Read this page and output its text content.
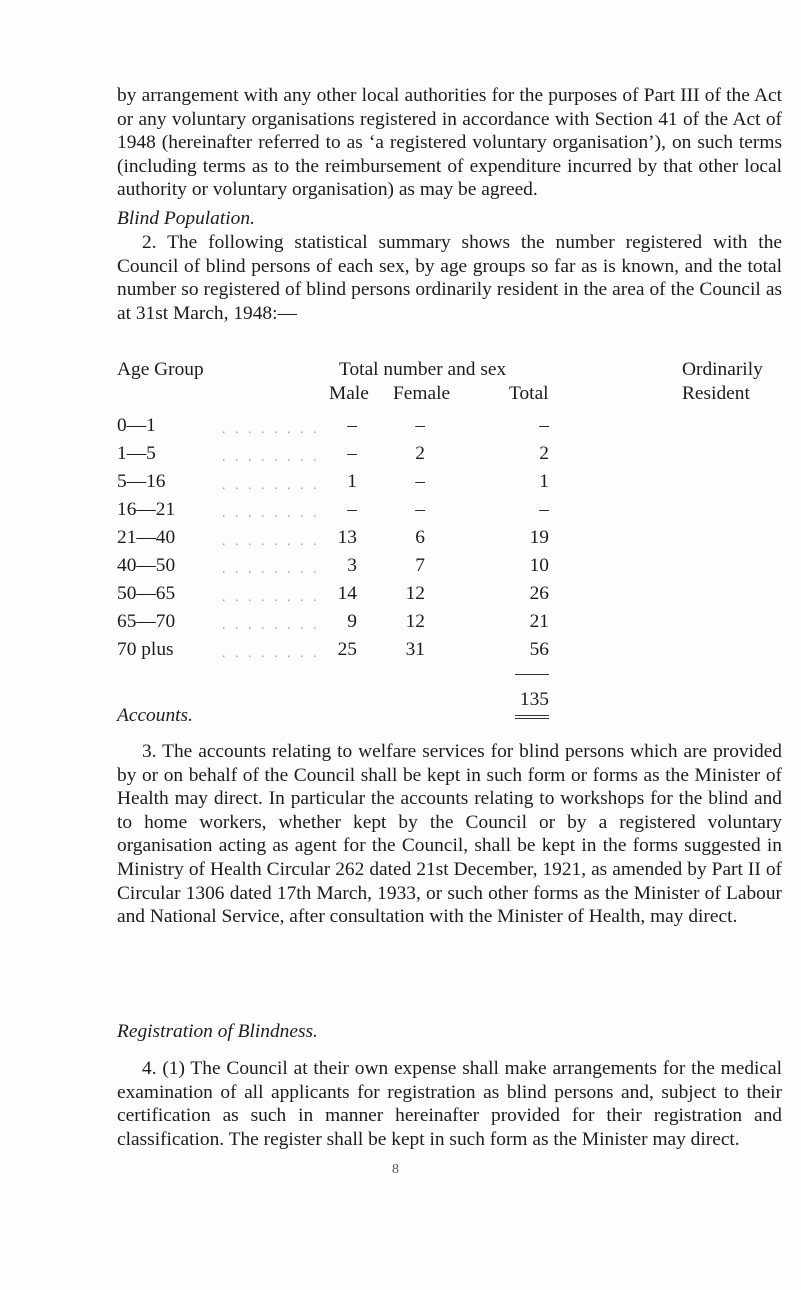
by arrangement with any other local authorities for the purposes of Part III of the Act or any voluntary organisations registered in accordance with Section 41 of the Act of 1948 (hereinafter referred to as ‘a registered voluntary organisation’), on such terms (including terms as to the reimbursement of expenditure incurred by that other local authority or voluntary organisation) as may be agreed.

Blind Population.

2. The following statistical summary shows the number registered with the Council of blind persons of each sex, by age groups so far as is known, and the total number so registered of blind persons ordinarily resident in the area of the Council as at 31st March, 1948:—

Age Group	Total number and sex	Ordinarily
Male Female	Total	Resident
0—1	. . . . . . . .	–	–	–
1—5	. . . . . . . .	–	2	2
5—16	. . . . . . . .	1	–	1
16—21	. . . . . . . .	–	–	–
21—40	. . . . . . . . 13	6	19
40—50	. . . . . . . .	3	7	10
50—65	. . . . . . . . 14	12	26
65—70	. . . . . . . .	9	12	21
70 plus	. . . . . . . . 25	31	56
135
Accounts.

3. The accounts relating to welfare services for blind persons which are provided by or on behalf of the Council shall be kept in such form or forms as the Minister of Health may direct. In particular the accounts relating to workshops for the blind and to home workers, whether kept by the Council or by a registered voluntary organisation acting as agent for the Council, shall be kept in the forms suggested in Ministry of Health Circular 262 dated 21st December, 1921, as amended by Part II of Circular 1306 dated 17th March, 1933, or such other forms as the Minister of Labour and National Service, after consultation with the Minister of Health, may direct.

Registration of Blindness.

4. (1) The Council at their own expense shall make arrangements for the medical examination of all applicants for registration as blind persons and, subject to their certification as such in manner hereinafter provided for their registration and classification. The register shall be kept in such form as the Minister may direct.

8
